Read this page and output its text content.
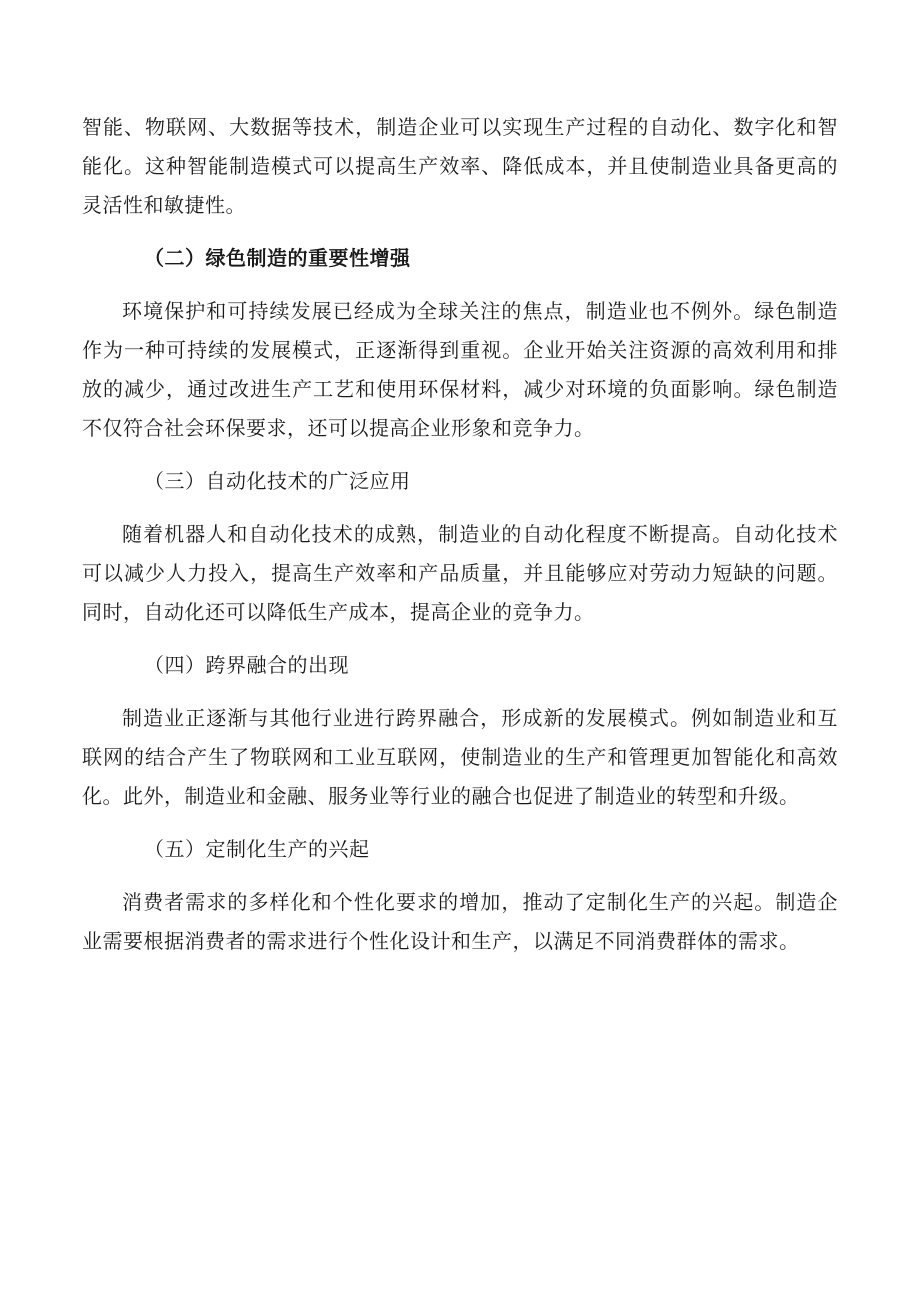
智能、物联网、大数据等技术，制造企业可以实现生产过程的自动化、数字化和智能化。这种智能制造模式可以提高生产效率、降低成本，并且使制造业具备更高的灵活性和敏捷性。

（二）绿色制造的重要性增强

环境保护和可持续发展已经成为全球关注的焦点，制造业也不例外。绿色制造作为一种可持续的发展模式，正逐渐得到重视。企业开始关注资源的高效利用和排放的减少，通过改进生产工艺和使用环保材料，减少对环境的负面影响。绿色制造不仅符合社会环保要求，还可以提高企业形象和竞争力。

（三）自动化技术的广泛应用

随着机器人和自动化技术的成熟，制造业的自动化程度不断提高。自动化技术可以减少人力投入，提高生产效率和产品质量，并且能够应对劳动力短缺的问题。同时，自动化还可以降低生产成本，提高企业的竞争力。

（四）跨界融合的出现

制造业正逐渐与其他行业进行跨界融合，形成新的发展模式。例如制造业和互联网的结合产生了物联网和工业互联网，使制造业的生产和管理更加智能化和高效化。此外，制造业和金融、服务业等行业的融合也促进了制造业的转型和升级。

（五）定制化生产的兴起

消费者需求的多样化和个性化要求的增加，推动了定制化生产的兴起。制造企业需要根据消费者的需求进行个性化设计和生产，以满足不同消费群体的需求。
